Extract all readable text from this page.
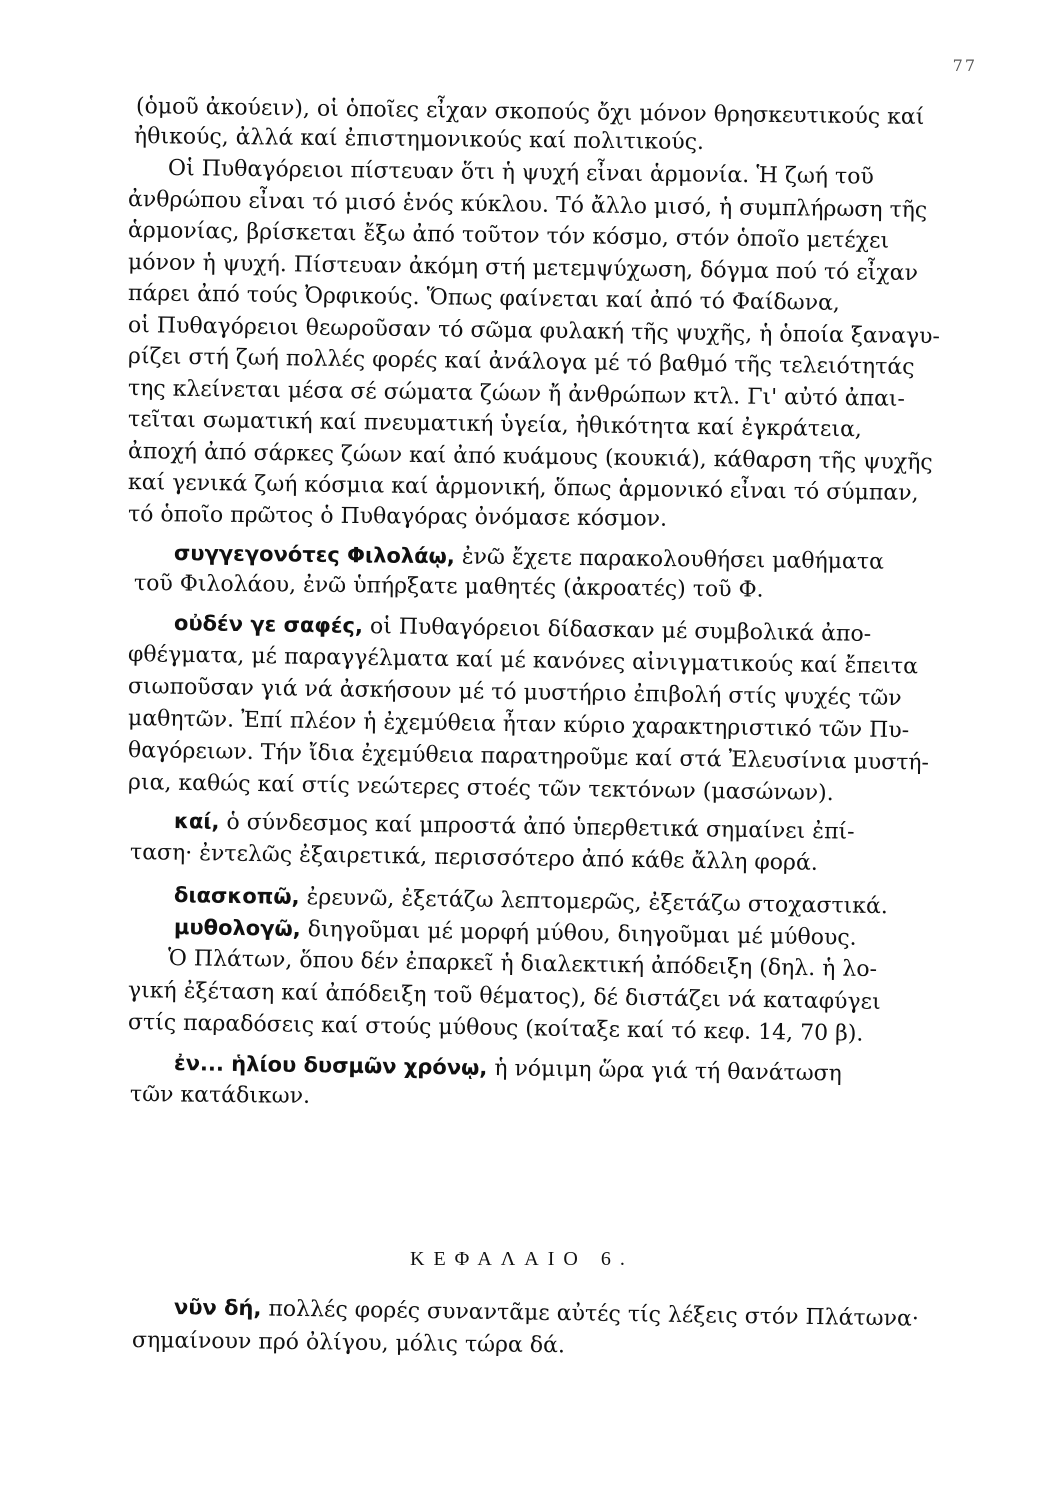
77
(ὁμοῦ ἀκούειν), οἱ ὁποῖες εἶχαν σκοπούς ὄχι μόνον θρησκευτικούς καί
ἠθικούς, ἀλλά καί ἐπιστημονικούς καί πολιτικούς.
Οἱ Πυθαγόρειοι πίστευαν ὅτι ἡ ψυχή εἶναι ἁρμονία. Ἡ ζωή τοῦ
ἀνθρώπου εἶναι τό μισό ἑνός κύκλου. Τό ἄλλο μισό, ἡ συμπλήρωση τῆς
ἁρμονίας, βρίσκεται ἔξω ἀπό τοῦτον τόν κόσμο, στόν ὁποῖο μετέχει
μόνον ἡ ψυχή. Πίστευαν ἀκόμη στή μετεμψύχωση, δόγμα πού τό εἶχαν
πάρει ἀπό τούς Ὀρφικούς. Ὅπως φαίνεται καί ἀπό τό Φαίδωνα,
οἱ Πυθαγόρειοι θεωροῦσαν τό σῶμα φυλακή τῆς ψυχῆς, ἡ ὁποία ξαναγυ-
ρίζει στή ζωή πολλές φορές καί ἀνάλογα μέ τό βαθμό τῆς τελειότητάς
της κλείνεται μέσα σέ σώματα ζώων ἤ ἀνθρώπων κτλ. Γι' αὐτό ἀπαι-
τεῖται σωματική καί πνευματική ὑγεία, ἠθικότητα καί ἐγκράτεια,
ἀποχή ἀπό σάρκες ζώων καί ἀπό κυάμους (κουκιά), κάθαρση τῆς ψυχῆς
καί γενικά ζωή κόσμια καί ἁρμονική, ὅπως ἁρμονικό εἶναι τό σύμπαν,
τό ὁποῖο πρῶτος ὁ Πυθαγόρας ὀνόμασε κόσμον.
συγγεγονότες Φιλολάῳ, ἐνῶ ἔχετε παρακολουθήσει μαθήματα
τοῦ Φιλολάου, ἐνῶ ὑπήρξατε μαθητές (ἀκροατές) τοῦ Φ.
οὐδέν γε σαφές, οἱ Πυθαγόρειοι δίδασκαν μέ συμβολικά ἀπο-
φθέγματα, μέ παραγγέλματα καί μέ κανόνες αἰνιγματικούς καί ἔπειτα
σιωποῦσαν γιά νά ἀσκήσουν μέ τό μυστήριο ἐπιβολή στίς ψυχές τῶν
μαθητῶν. Ἐπί πλέον ἡ ἐχεμύθεια ἦταν κύριο χαρακτηριστικό τῶν Πυ-
θαγόρειων. Τήν ἴδια ἐχεμύθεια παρατηροῦμε καί στά Ἐλευσίνια μυστή-
ρια, καθώς καί στίς νεώτερες στοές τῶν τεκτόνων (μασώνων).
καί, ὁ σύνδεσμος καί μπροστά ἀπό ὑπερθετικά σημαίνει ἐπί-
ταση· ἐντελῶς ἐξαιρετικά, περισσότερο ἀπό κάθε ἄλλη φορά.
διασκοπῶ, ἐρευνῶ, ἐξετάζω λεπτομερῶς, ἐξετάζω στοχαστικά.
μυθολογῶ, διηγοῦμαι μέ μορφή μύθου, διηγοῦμαι μέ μύθους.
Ὁ Πλάτων, ὅπου δέν ἐπαρκεῖ ἡ διαλεκτική ἀπόδειξη (δηλ. ἡ λο-
γική ἐξέταση καί ἀπόδειξη τοῦ θέματος), δέ διστάζει νά καταφύγει
στίς παραδόσεις καί στούς μύθους (κοίταξε καί τό κεφ. 14, 70 β).
ἐν... ἡλίου δυσμῶν χρόνῳ, ἡ νόμιμη ὥρα γιά τή θανάτωση
τῶν κατάδικων.
νῦν δή, πολλές φορές συναντᾶμε αὐτές τίς λέξεις στόν Πλάτωνα·
σημαίνουν πρό ὀλίγου, μόλις τώρα δά.
ΚΕΦΑΛΑΙΟ 6.
